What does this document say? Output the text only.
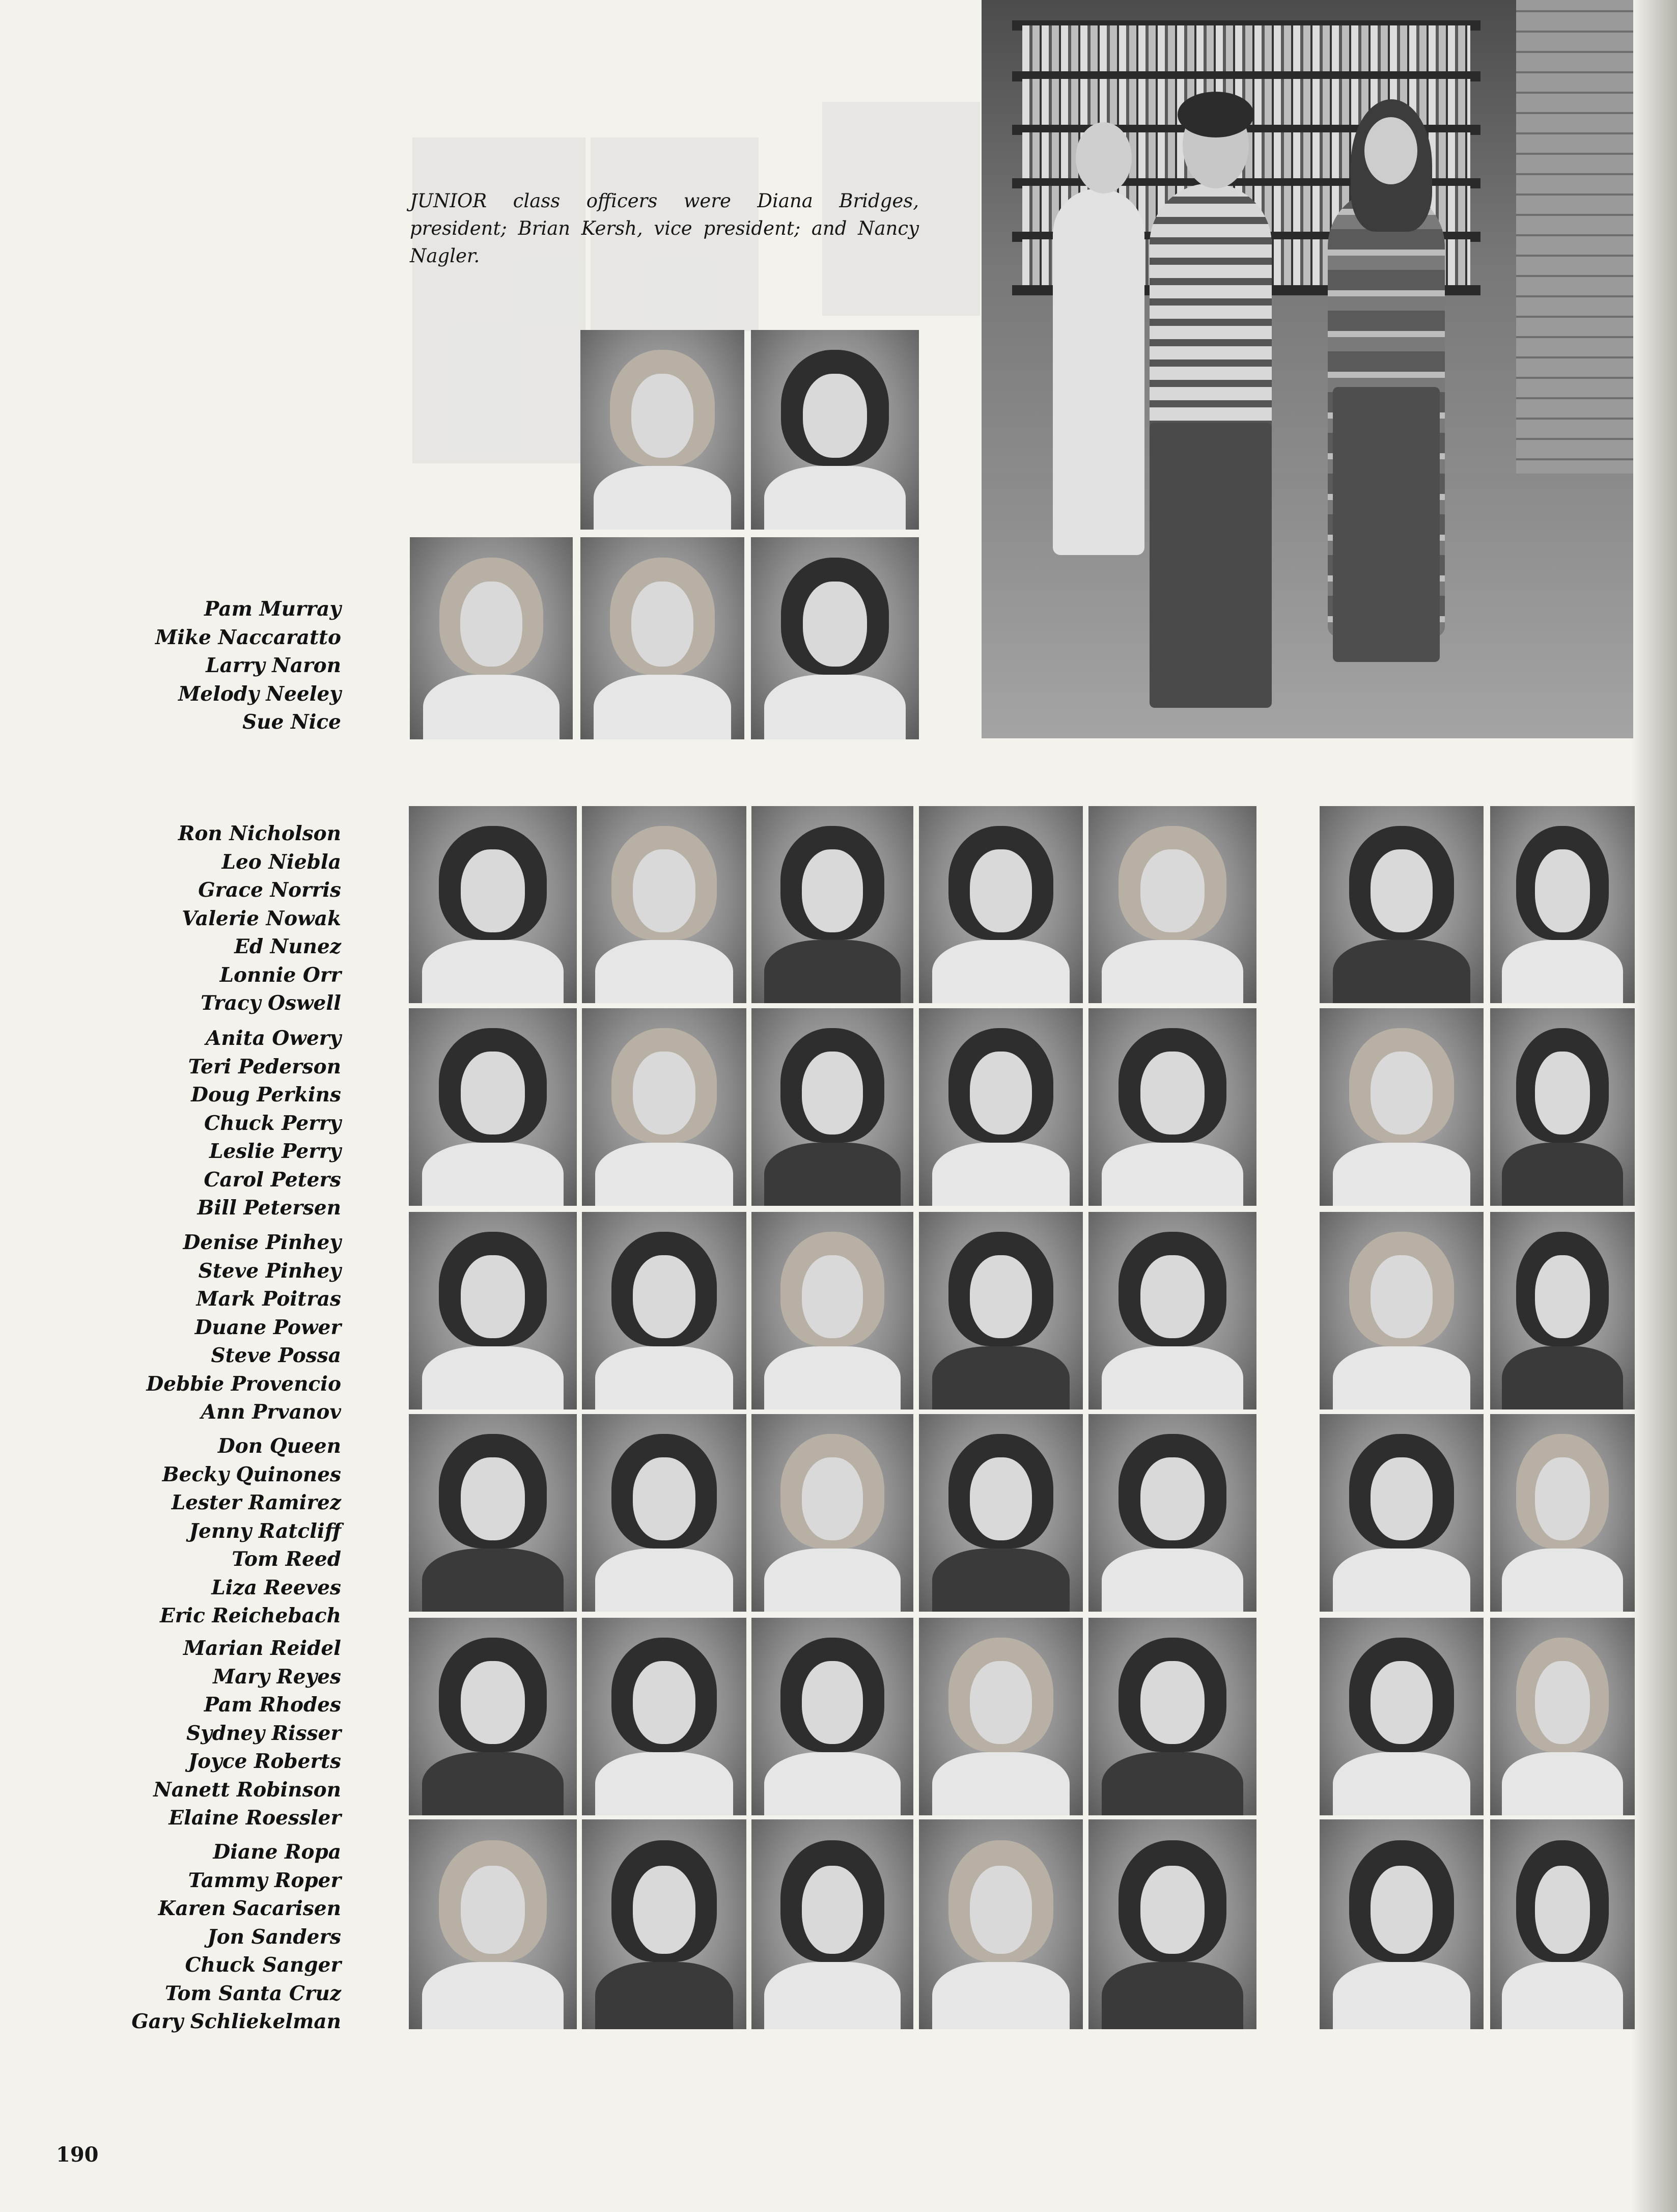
JUNIOR class officers were Diana Bridges, president; Brian Kersh, vice president; and Nancy Nagler.
Pam Murray
Mike Naccaratto
Larry Naron
Melody Neeley
Sue Nice
Ron Nicholson
Leo Niebla
Grace Norris
Valerie Nowak
Ed Nunez
Lonnie Orr
Tracy Oswell
Anita Owery
Teri Pederson
Doug Perkins
Chuck Perry
Leslie Perry
Carol Peters
Bill Petersen
Denise Pinhey
Steve Pinhey
Mark Poitras
Duane Power
Steve Possa
Debbie Provencio
Ann Prvanov
Don Queen
Becky Quinones
Lester Ramirez
Jenny Ratcliff
Tom Reed
Liza Reeves
Eric Reichebach
Marian Reidel
Mary Reyes
Pam Rhodes
Sydney Risser
Joyce Roberts
Nanett Robinson
Elaine Roessler
Diane Ropa
Tammy Roper
Karen Sacarisen
Jon Sanders
Chuck Sanger
Tom Santa Cruz
Gary Schliekelman
190
